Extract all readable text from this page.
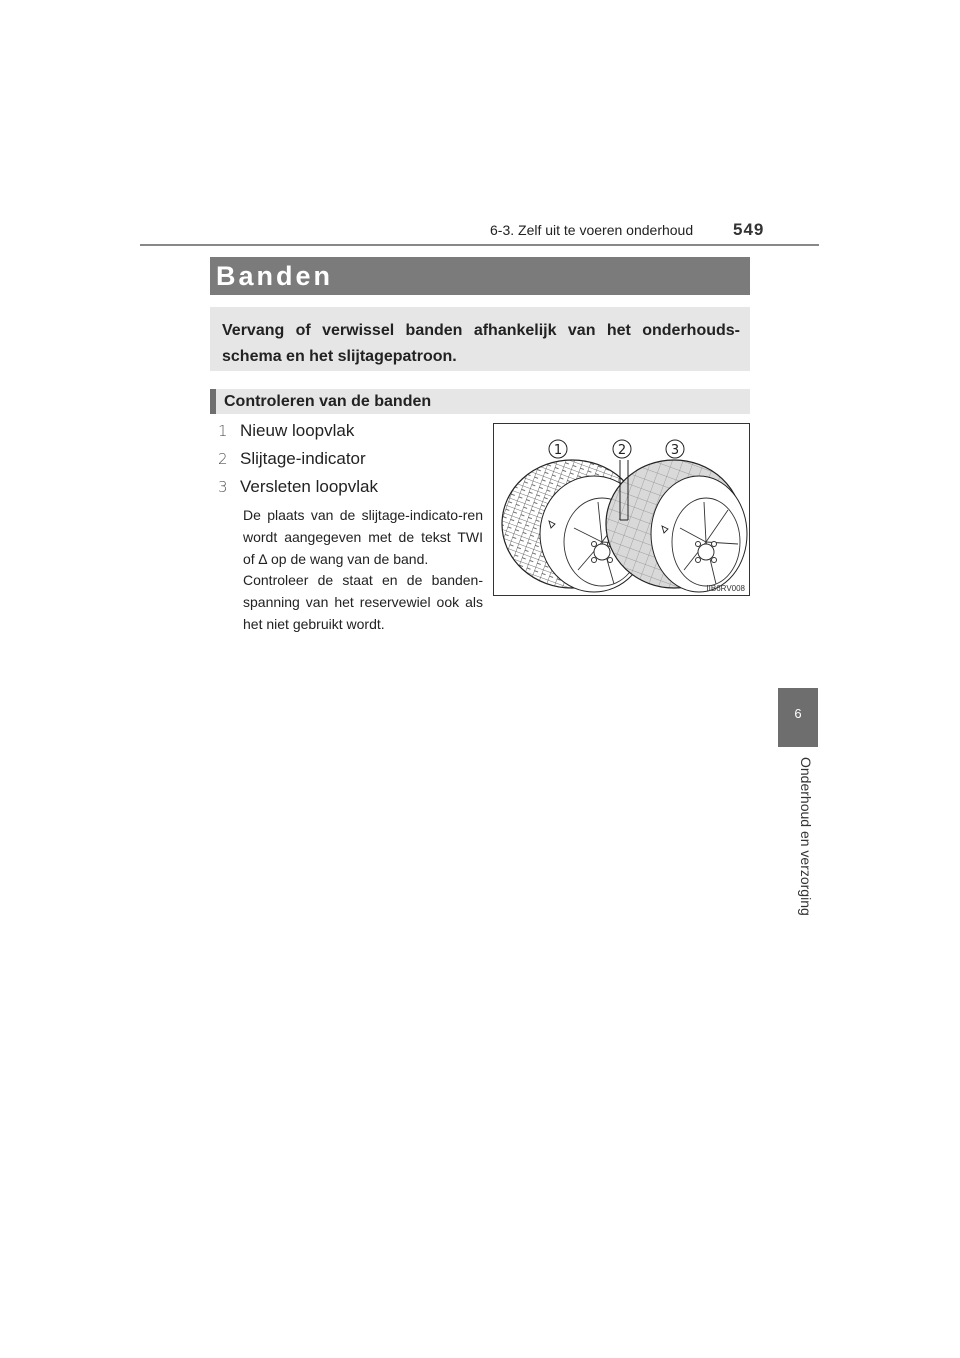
6-3. Zelf uit te voeren onderhoud 549
6
Onderhoud en verzorging
Banden
Vervang of verwissel banden afhankelijk van het onderhouds-schema en het slijtagepatroon.
Controleren van de banden
1 Nieuw loopvlak
2 Slijtage-indicator
3 Versleten loopvlak
De plaats van de slijtage-indicato-ren wordt aangegeven met de tekst TWI of ∆ op de wang van de band.
Controleer de staat en de banden-spanning van het reservewiel ook als het niet gebruikt wordt.
1	2	3
IIB6RV008
